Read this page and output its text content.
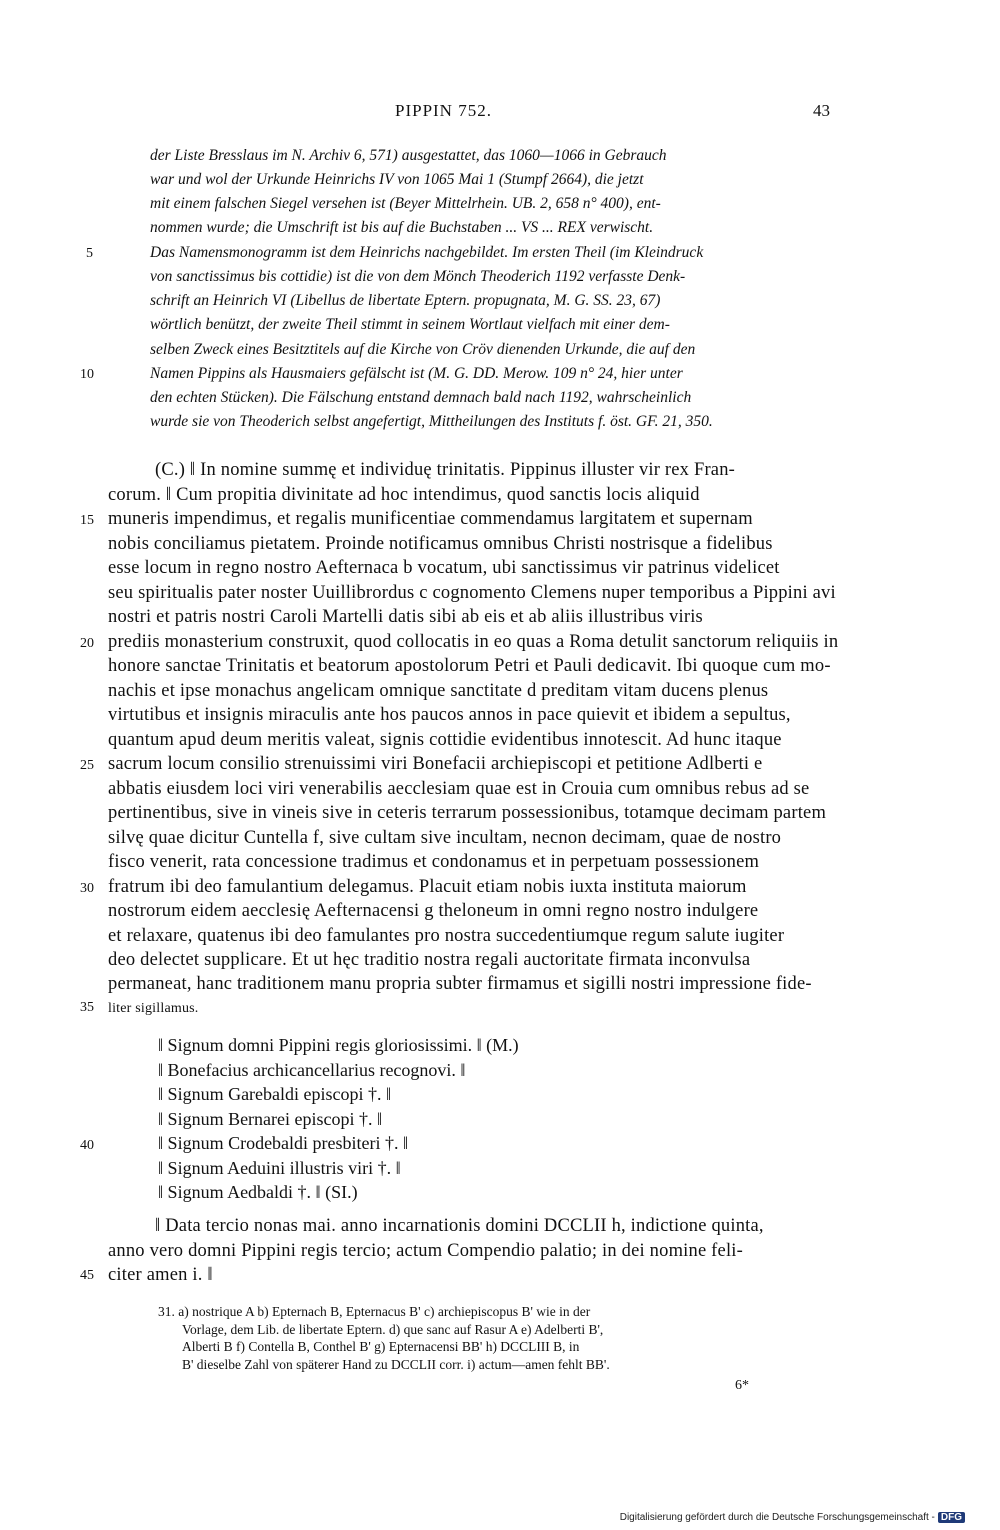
PIPPIN 752.	43
der Liste Bresslaus im N. Archiv 6, 571) ausgestattet, das 1060—1066 in Gebrauch
war und wol der Urkunde Heinrichs IV von 1065 Mai 1 (Stumpf 2664), die jetzt
mit einem falschen Siegel versehen ist (Beyer Mittelrhein. UB. 2, 658 n° 400), ent-
nommen wurde; die Umschrift ist bis auf die Buchstaben ... VS ... REX verwischt.
Das Namensmonogramm ist dem Heinrichs nachgebildet. Im ersten Theil (im Kleindruck
von sanctissimus bis cottidie) ist die von dem Mönch Theoderich 1192 verfasste Denk-
schrift an Heinrich VI (Libellus de libertate Eptern. propugnata, M. G. SS. 23, 67)
wörtlich benützt, der zweite Theil stimmt in seinem Wortlaut vielfach mit einer dem-
selben Zweck eines Besitztitels auf die Kirche von Cröv dienenden Urkunde, die auf den
Namen Pippins als Hausmaiers gefälscht ist (M. G. DD. Merow. 109 n° 24, hier unter
den echten Stücken). Die Fälschung entstand demnach bald nach 1192, wahrscheinlich
wurde sie von Theoderich selbst angefertigt, Mittheilungen des Instituts f. öst. GF. 21, 350.
5
10
(C.) ‖ In nomine summę et individuę trinitatis. Pippinus illuster vir rex Fran-
corum. ‖ Cum propitia divinitate ad hoc intendimus, quod sanctis locis aliquid
muneris impendimus, et regalis munificentiae commendamus largitatem et supernam
nobis conciliamus pietatem. Proinde notificamus omnibus Christi nostrisque a fidelibus
esse locum in regno nostro Aefternaca b vocatum, ubi sanctissimus vir patrinus videlicet
seu spiritualis pater noster Uuillibrordus c cognomento Clemens nuper temporibus a Pippini avi
nostri et patris nostri Caroli Martelli datis sibi ab eis et ab aliis illustribus viris
prediis monasterium construxit, quod collocatis in eo quas a Roma detulit sanctorum reliquiis in
honore sanctae Trinitatis et beatorum apostolorum Petri et Pauli dedicavit. Ibi quoque cum mo-
nachis et ipse monachus angelicam omnique sanctitate d preditam vitam ducens plenus
virtutibus et insignis miraculis ante hos paucos annos in pace quievit et ibidem a sepultus,
quantum apud deum meritis valeat, signis cottidie evidentibus innotescit. Ad hunc itaque
sacrum locum consilio strenuissimi viri Bonefacii archiepiscopi et petitione Adlberti e
abbatis eiusdem loci viri venerabilis aecclesiam quae est in Crouia cum omnibus rebus ad se
pertinentibus, sive in vineis sive in ceteris terrarum possessionibus, totamque decimam partem
silvę quae dicitur Cuntella f, sive cultam sive incultam, necnon decimam, quae de nostro
fisco venerit, rata concessione tradimus et condonamus et in perpetuam possessionem
fratrum ibi deo famulantium delegamus. Placuit etiam nobis iuxta instituta maiorum
nostrorum eidem aecclesię Aefternacensi g theloneum in omni regno nostro indulgere
et relaxare, quatenus ibi deo famulantes pro nostra succedentiumque regum salute iugiter
deo delectet supplicare. Et ut hęc traditio nostra regali auctoritate firmata inconvulsa
permaneat, hanc traditionem manu propria subter firmamus et sigilli nostri impressione fide-
liter sigillamus.
15
20
25
30
35
‖ Signum domni Pippini regis gloriosissimi. ‖ (M.)
‖ Bonefacius archicancellarius recognovi. ‖
‖ Signum Garebaldi episcopi †. ‖
‖ Signum Bernarei episcopi †. ‖
‖ Signum Crodebaldi presbiteri †. ‖
‖ Signum Aeduini illustris viri †. ‖
‖ Signum Aedbaldi †. ‖ (SI.)
40
‖ Data tercio nonas mai. anno incarnationis domini DCCLII h, indictione quinta,
anno vero domni Pippini regis tercio; actum Compendio palatio; in dei nomine feli-
citer amen i. ‖
45
31. a) nostrique A b) Epternach B, Epternacus B' c) archiepiscopus B' wie in der
Vorlage, dem Lib. de libertate Eptern. d) que sanc auf Rasur A e) Adelberti B',
Alberti B f) Contella B, Conthel B' g) Epternacensi BB' h) DCCLIII B, in
B' dieselbe Zahl von späterer Hand zu DCCLII corr. i) actum—amen fehlt BB'.
6*
Digitalisierung gefördert durch die Deutsche Forschungsgemeinschaft - DFG
